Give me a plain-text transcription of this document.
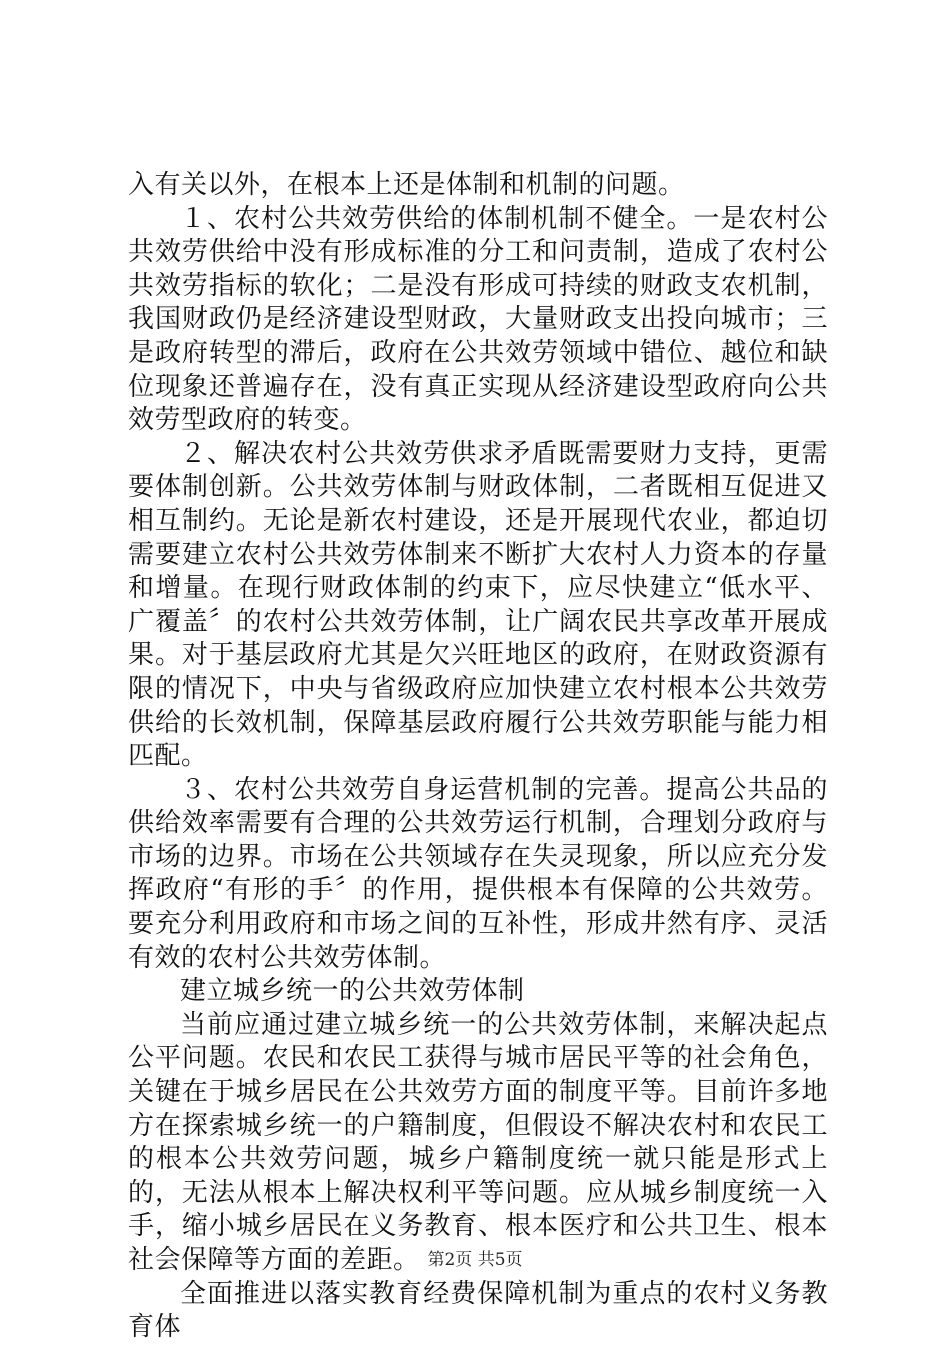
入有关以外，在根本上还是体制和机制的问题。

１、农村公共效劳供给的体制机制不健全。一是农村公共效劳供给中没有形成标准的分工和问责制，造成了农村公共效劳指标的软化；二是没有形成可持续的财政支农机制，我国财政仍是经济建设型财政，大量财政支出投向城市；三是政府转型的滞后，政府在公共效劳领域中错位、越位和缺位现象还普遍存在，没有真正实现从经济建设型政府向公共效劳型政府的转变。

２、解决农村公共效劳供求矛盾既需要财力支持，更需要体制创新。公共效劳体制与财政体制，二者既相互促进又相互制约。无论是新农村建设，还是开展现代农业，都迫切需要建立农村公共效劳体制来不断扩大农村人力资本的存量和增量。在现行财政体制的约束下，应尽快建立“低水平、广覆盖〞的农村公共效劳体制，让广阔农民共享改革开展成果。对于基层政府尤其是欠兴旺地区的政府，在财政资源有限的情况下，中央与省级政府应加快建立农村根本公共效劳供给的长效机制，保障基层政府履行公共效劳职能与能力相匹配。

３、农村公共效劳自身运营机制的完善。提高公共品的供给效率需要有合理的公共效劳运行机制，合理划分政府与市场的边界。市场在公共领域存在失灵现象，所以应充分发挥政府“有形的手〞的作用，提供根本有保障的公共效劳。要充分利用政府和市场之间的互补性，形成井然有序、灵活有效的农村公共效劳体制。

建立城乡统一的公共效劳体制

当前应通过建立城乡统一的公共效劳体制，来解决起点公平问题。农民和农民工获得与城市居民平等的社会角色，关键在于城乡居民在公共效劳方面的制度平等。目前许多地方在探索城乡统一的户籍制度，但假设不解决农村和农民工的根本公共效劳问题，城乡户籍制度统一就只能是形式上的，无法从根本上解决权利平等问题。应从城乡制度统一入手，缩小城乡居民在义务教育、根本医疗和公共卫生、根本社会保障等方面的差距。

全面推进以落实教育经费保障机制为重点的农村义务教育体

第2页 共5页
